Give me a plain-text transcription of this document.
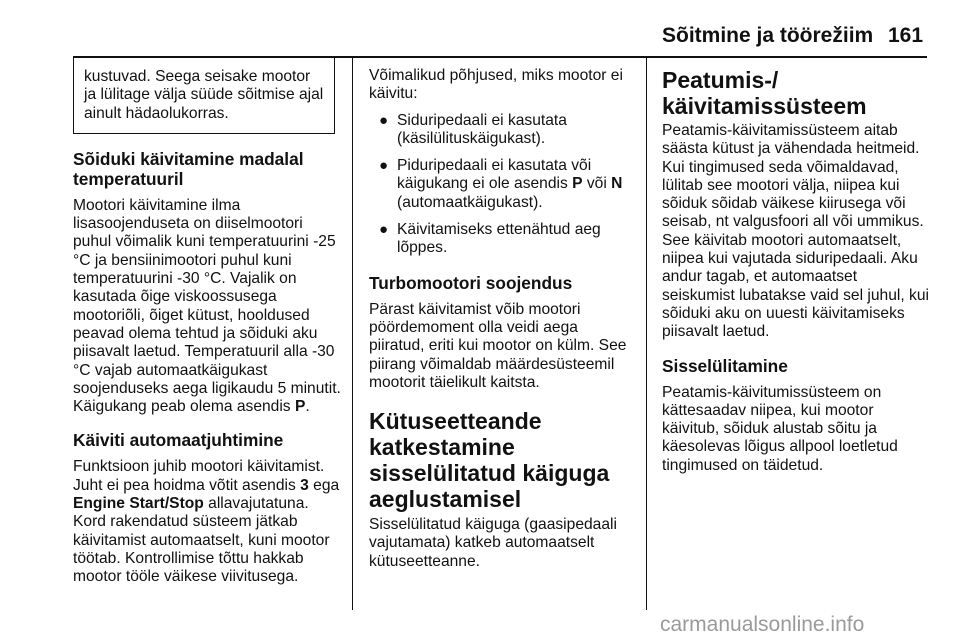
Sõitmine ja töörežiim 161

kustuvad. Seega seisake mootor ja lülitage välja süüde sõitmise ajal ainult hädaolukorras.

Sõiduki käivitamine madalal temperatuuril

Mootori käivitamine ilma lisasoojenduseta on diiselmootori puhul võimalik kuni temperatuurini -25 °C ja bensiinimootori puhul kuni temperatuurini -30 °C. Vajalik on kasutada õige viskoossusega mootoriõli, õiget kütust, hooldused peavad olema tehtud ja sõiduki aku piisavalt laetud. Temperatuuril alla -30 °C vajab automaatkäigukast soojenduseks aega ligikaudu 5 minutit. Käigukang peab olema asendis P.

Käiviti automaatjuhtimine

Funktsioon juhib mootori käivitamist. Juht ei pea hoidma võtit asendis 3 ega Engine Start/Stop allavajutatuna. Kord rakendatud süsteem jätkab käivitamist automaatselt, kuni mootor töötab. Kontrollimise tõttu hakkab mootor tööle väikese viivitusega.

Võimalikud põhjused, miks mootor ei käivitu:

● Siduripedaali ei kasutata (käsilülituskäigukast).
● Piduripedaali ei kasutata või käigukang ei ole asendis P või N (automaatkäigukast).
● Käivitamiseks ettenähtud aeg lõppes.
Turbomootori soojendus

Pärast käivitamist võib mootori pöördemoment olla veidi aega piiratud, eriti kui mootor on külm. See piirang võimaldab määrdesüsteemil mootorit täielikult kaitsta.

Kütuseetteande katkestamine sisselülitatud käiguga aeglustamisel

Sisselülitatud käiguga (gaasipedaali vajutamata) katkeb automaatselt kütuseetteanne.

Peatumis-/ käivitamissüsteem

Peatamis-käivitamissüsteem aitab säästa kütust ja vähendada heitmeid. Kui tingimused seda võimaldavad, lülitab see mootori välja, niipea kui sõiduk sõidab väikese kiirusega või seisab, nt valgusfoori all või ummikus. See käivitab mootori automaatselt, niipea kui vajutada siduripedaali. Aku andur tagab, et automaatset seiskumist lubatakse vaid sel juhul, kui sõiduki aku on uuesti käivitamiseks piisavalt laetud.

Sisselülitamine

Peatamis-käivitumissüsteem on kättesaadav niipea, kui mootor käivitub, sõiduk alustab sõitu ja käesolevas lõigus allpool loetletud tingimused on täidetud.

carmanualsonline.info
